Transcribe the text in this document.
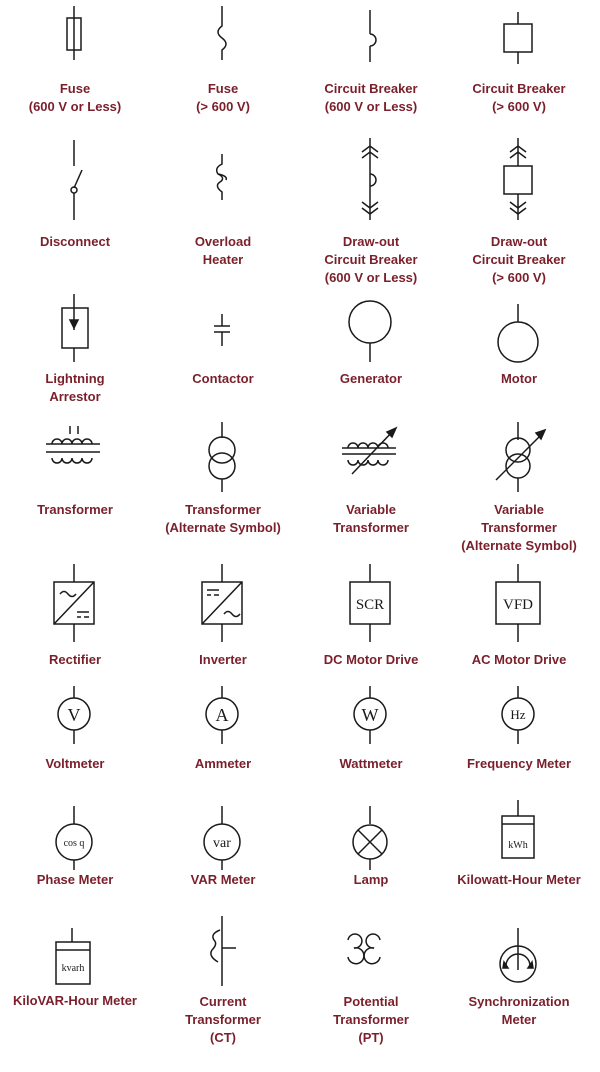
Fuse
(600 V or Less)
Fuse
(> 600 V)
Circuit Breaker
(600 V or Less)
Circuit Breaker
(> 600 V)
Disconnect	Overload
Heater
Draw-out
Circuit Breaker
(600 V or Less)
Draw-out
Circuit Breaker
(> 600 V)
Lightning
Arrestor
Contactor	Generator	Motor
Transformer	Transformer
(Alternate Symbol)
Variable
Transformer
Variable
Transformer
(Alternate Symbol)
Rectifier	Inverter
SCR
DC Motor Drive
VFD
AC Motor Drive
V
Voltmeter
A
Ammeter
W
Wattmeter
Hz
Frequency Meter
cos q
Phase Meter
var
VAR Meter	Lamp
kWh
Kilowatt-Hour Meter
kvarh
KiloVAR-Hour Meter	Current
Transformer
(CT)
Potential
Transformer
(PT)
Synchronization
Meter
